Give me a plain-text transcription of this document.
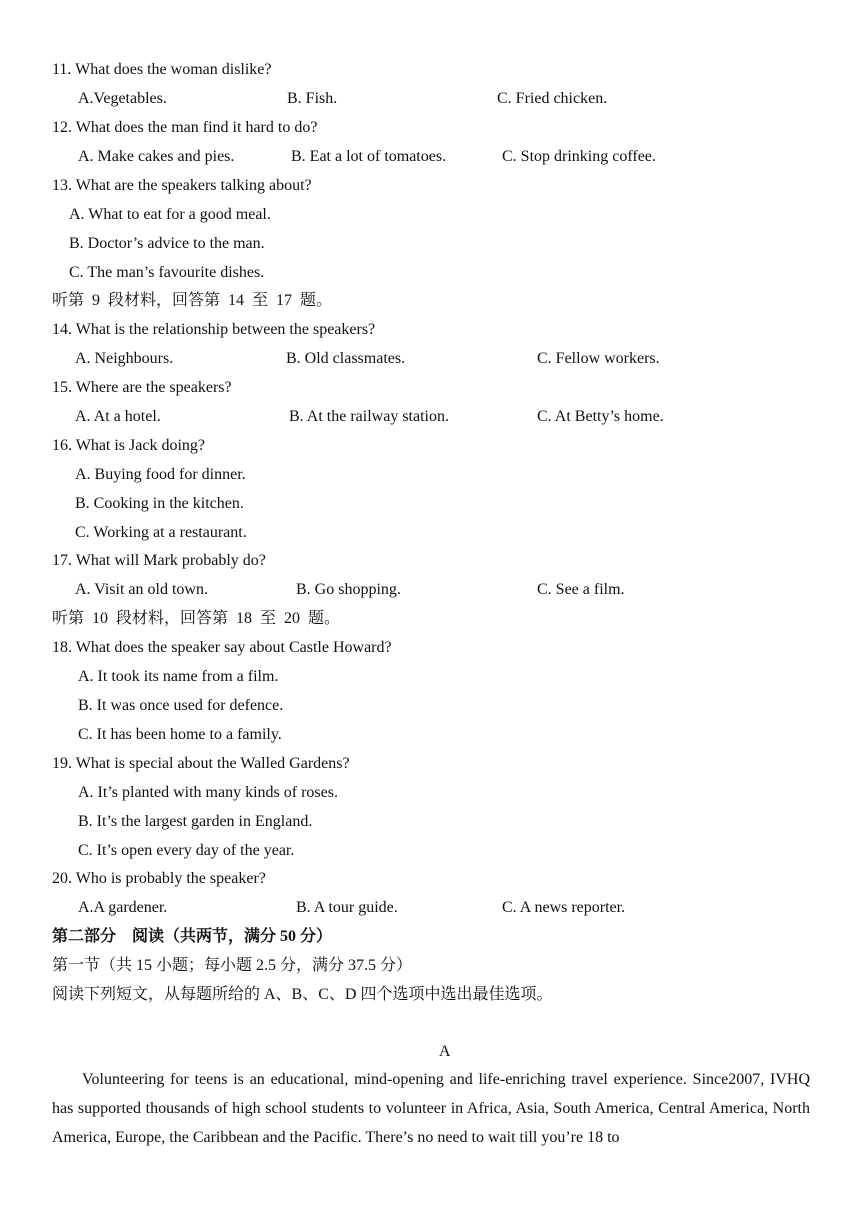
11. What does the woman dislike?
A.Vegetables.	B. Fish.	C. Fried chicken.
12. What does the man find it hard to do?
A. Make cakes and pies.	B. Eat a lot of tomatoes.	C. Stop drinking coffee.
13. What are the speakers talking about?
A. What to eat for a good meal.
B. Doctor’s advice to the man.
C. The man’s favourite dishes.
听第  9  段材料，回答第  14  至  17  题。
14. What is the relationship between the speakers?
A. Neighbours.	B. Old classmates.	C. Fellow workers.
15. Where are the speakers?
A. At a hotel.	B. At the railway station.	C. At Betty’s home.
16. What is Jack doing?
A. Buying food for dinner.
B. Cooking in the kitchen.
C. Working at a restaurant.
17. What will Mark probably do?
A. Visit an old town.	B. Go shopping.	C. See a film.
听第  10  段材料，回答第  18  至  20  题。
18. What does the speaker say about Castle Howard?
A. It took its name from a film.
B. It was once used for defence.
C. It has been home to a family.
19. What is special about the Walled Gardens?
A. It’s planted with many kinds of roses.
B. It’s the largest garden in England.
C. It’s open every day of the year.
20. Who is probably the speaker?
A.A gardener.	B. A tour guide.	C. A news reporter.
第二部分　阅读（共两节，满分 50 分）
第一节（共 15 小题；每小题 2.5 分，满分 37.5 分）
阅读下列短文，从每题所给的 A、B、C、D 四个选项中选出最佳选项。
A
Volunteering for teens is an educational, mind-opening and life-enriching travel experience. Since2007, IVHQ has supported thousands of high school students to volunteer in Africa, Asia, South America, Central America, North America, Europe, the Caribbean and the Pacific. There’s no need to wait till you’re 18 to
